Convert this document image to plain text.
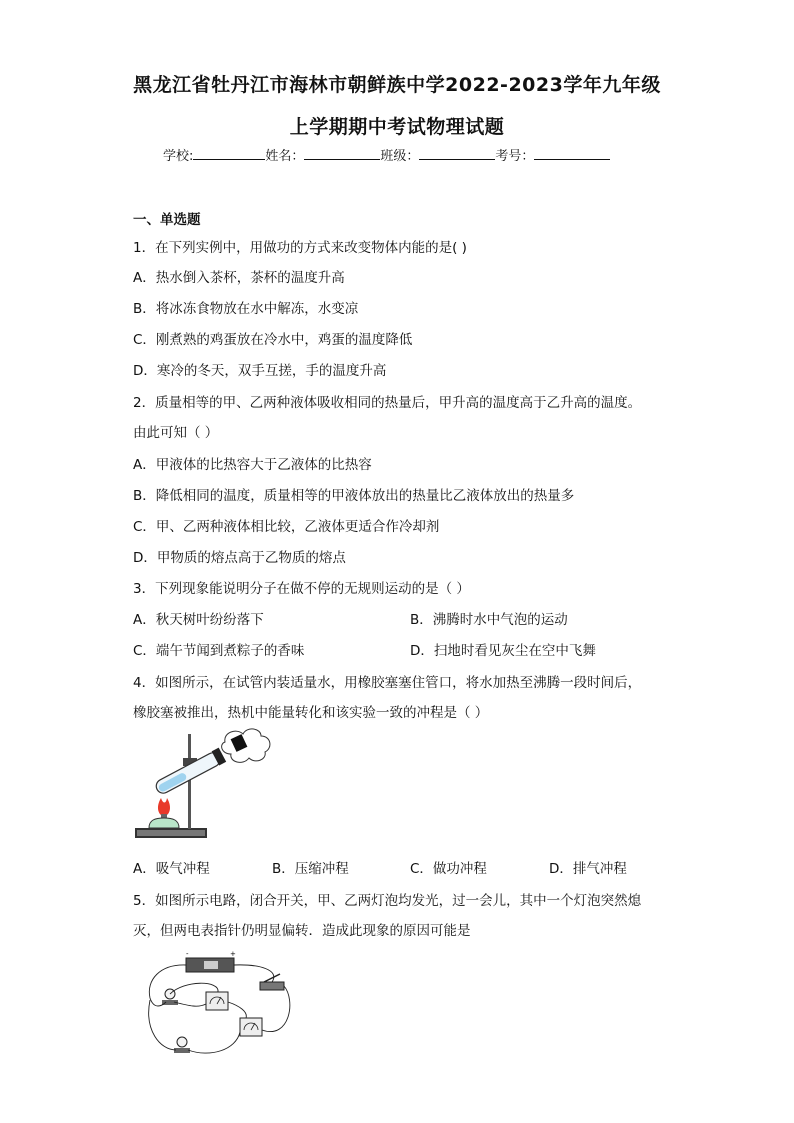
黑龙江省牡丹江市海林市朝鲜族中学2022-2023学年九年级
上学期期中考试物理试题
学校:	姓名：	班级：	考号：
一、单选题
1．在下列实例中，用做功的方式来改变物体内能的是( )
A．热水倒入茶杯，茶杯的温度升高
B．将冰冻食物放在水中解冻，水变凉
C．刚煮熟的鸡蛋放在冷水中，鸡蛋的温度降低
D．寒冷的冬天，双手互搓，手的温度升高
2．质量相等的甲、乙两种液体吸收相同的热量后，甲升高的温度高于乙升高的温度。
由此可知（ ）
A．甲液体的比热容大于乙液体的比热容
B．降低相同的温度，质量相等的甲液体放出的热量比乙液体放出的热量多
C．甲、乙两种液体相比较，乙液体更适合作冷却剂
D．甲物质的熔点高于乙物质的熔点
3．下列现象能说明分子在做不停的无规则运动的是（ ）
A．秋天树叶纷纷落下	B．沸腾时水中气泡的运动
C．端午节闻到煮粽子的香味	D．扫地时看见灰尘在空中飞舞
4．如图所示，在试管内装适量水，用橡胶塞塞住管口，将水加热至沸腾一段时间后，
橡胶塞被推出，热机中能量转化和该实验一致的冲程是（ ）
A．吸气冲程	B．压缩冲程	C．做功冲程	D．排气冲程
5．如图所示电路，闭合开关，甲、乙两灯泡均发光，过一会儿，其中一个灯泡突然熄
灭，但两电表指针仍明显偏转．造成此现象的原因可能是
-	+
